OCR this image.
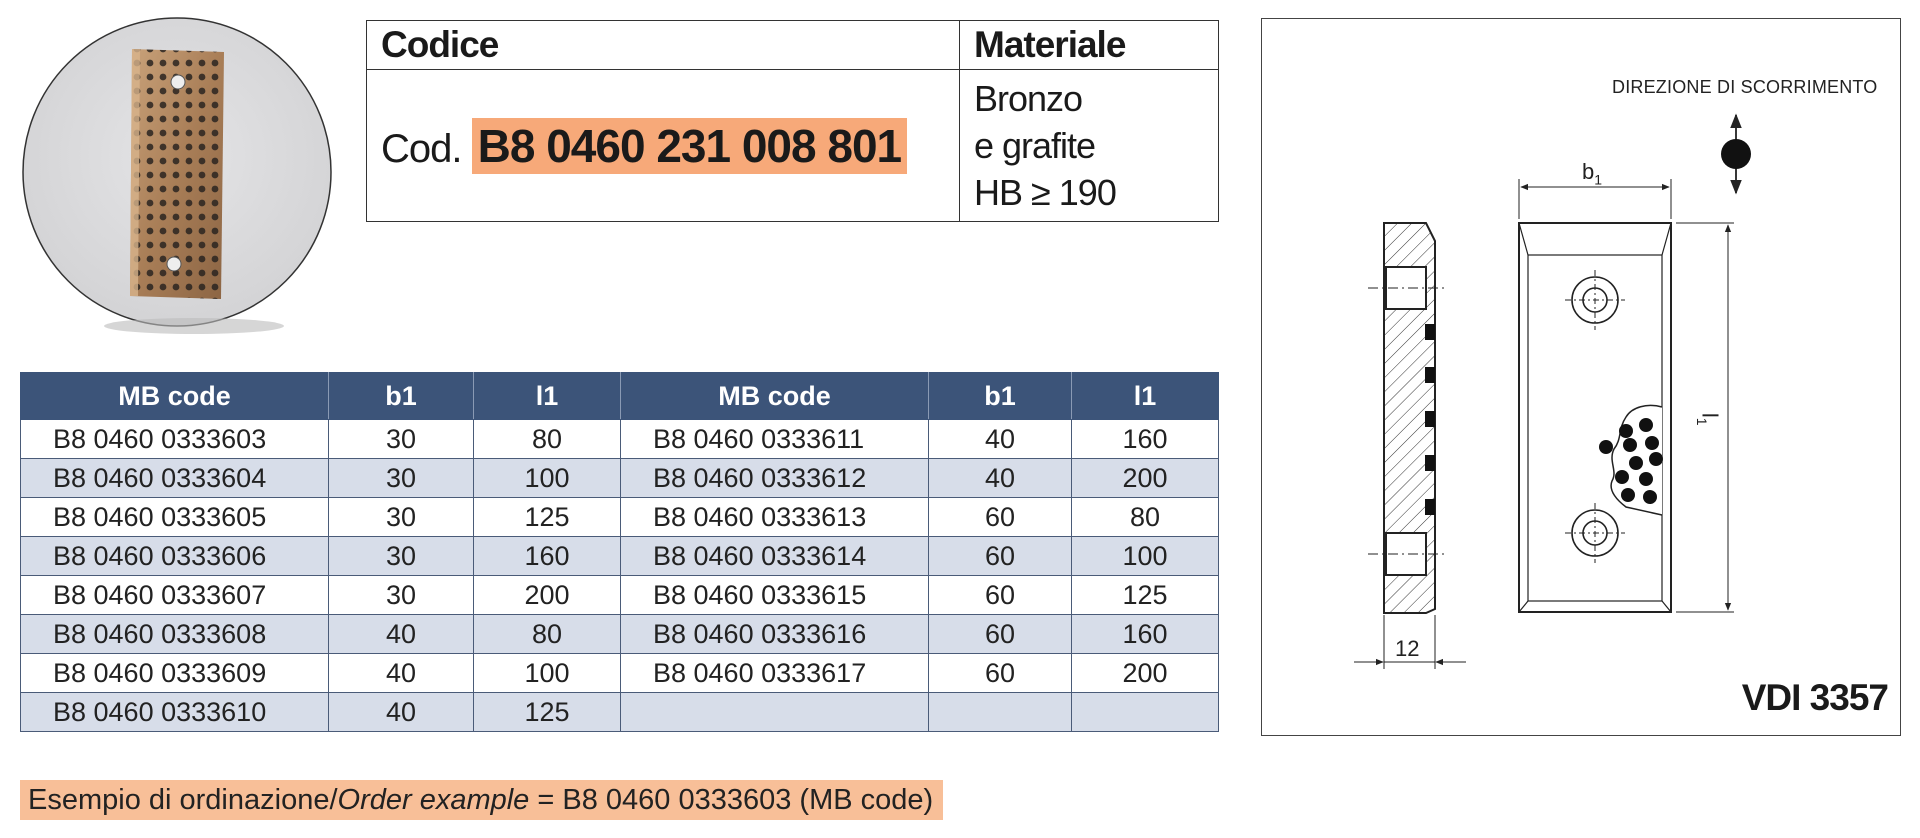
Codice	Materiale
Cod. B8 0460 231 008 801	Bronzo
e grafite
HB ≥ 190
MB code	b1	l1	MB code	b1	l1
B8 0460 0333603	30	80	B8 0460 0333611	40	160
B8 0460 0333604	30	100	B8 0460 0333612	40	200
B8 0460 0333605	30	125	B8 0460 0333613	60	80
B8 0460 0333606	30	160	B8 0460 0333614	60	100
B8 0460 0333607	30	200	B8 0460 0333615	60	125
B8 0460 0333608	40	80	B8 0460 0333616	60	160
B8 0460 0333609	40	100	B8 0460 0333617	60	200
B8 0460 0333610	40	125			
Esempio di ordinazione/Order example = B8 0460 0333603 (MB code)
DIREZIONE DI SCORRIMENTO
$b_1$
$l_1$
12
VDI 3357
